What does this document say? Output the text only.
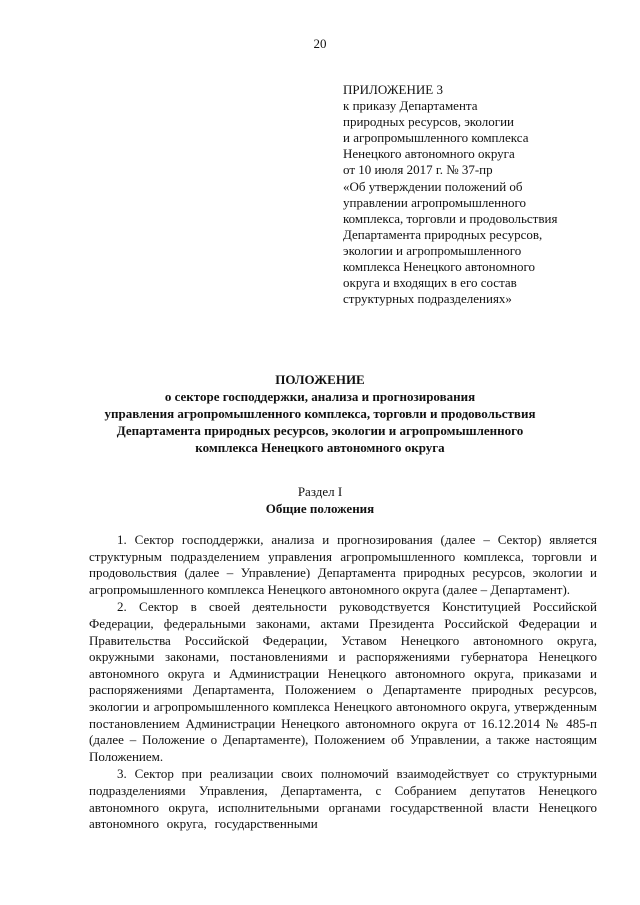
20
ПРИЛОЖЕНИЕ 3
к приказу Департамента
природных ресурсов, экологии
и агропромышленного комплекса
Ненецкого автономного округа
от 10 июля 2017 г. № 37-пр
«Об утверждении положений об
управлении агропромышленного
комплекса, торговли и продовольствия
Департамента природных ресурсов,
экологии и агропромышленного
комплекса Ненецкого автономного
округа и входящих в его состав
структурных подразделениях»
ПОЛОЖЕНИЕ
о секторе господдержки, анализа и прогнозирования
управления агропромышленного комплекса, торговли и продовольствия
Департамента природных ресурсов, экологии и агропромышленного
комплекса Ненецкого автономного округа
Раздел I
Общие положения

1. Сектор господдержки, анализа и прогнозирования (далее – Сектор) является структурным подразделением управления агропромышленного комплекса, торговли и продовольствия (далее – Управление) Департамента природных ресурсов, экологии и агропромышленного комплекса Ненецкого автономного округа (далее – Департамент).

2. Сектор в своей деятельности руководствуется Конституцией Российской Федерации, федеральными законами, актами Президента Российской Федерации и Правительства Российской Федерации, Уставом Ненецкого автономного округа, окружными законами, постановлениями и распоряжениями губернатора Ненецкого автономного округа и Администрации Ненецкого автономного округа, приказами и распоряжениями Департамента, Положением о Департаменте природных ресурсов, экологии и агропромышленного комплекса Ненецкого автономного округа, утвержденным постановлением Администрации Ненецкого автономного округа от 16.12.2014 № 485-п (далее – Положение о Департаменте), Положением об Управлении, а также настоящим Положением.

3. Сектор при реализации своих полномочий взаимодействует со структурными подразделениями Управления, Департамента, с Собранием депутатов Ненецкого автономного округа, исполнительными органами государственной власти Ненецкого автономного округа, государственными
